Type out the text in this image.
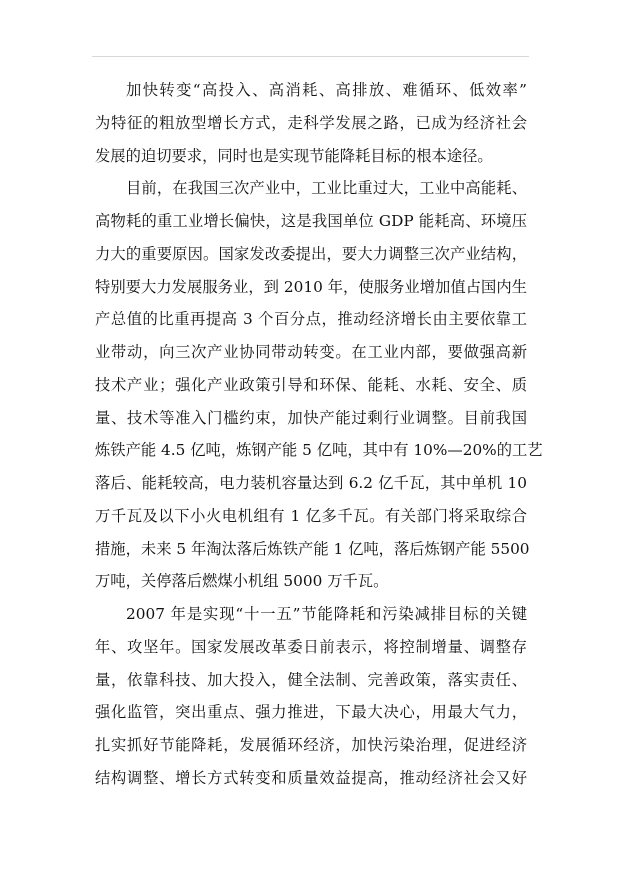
加快转变“高投入、高消耗、高排放、难循环、低效率”
为特征的粗放型增长方式，走科学发展之路，已成为经济社会
发展的迫切要求，同时也是实现节能降耗目标的根本途径。
目前，在我国三次产业中，工业比重过大，工业中高能耗、
高物耗的重工业增长偏快，这是我国单位 GDP 能耗高、环境压
力大的重要原因。国家发改委提出，要大力调整三次产业结构，
特别要大力发展服务业，到 2010 年，使服务业增加值占国内生
产总值的比重再提高 3 个百分点，推动经济增长由主要依靠工
业带动，向三次产业协同带动转变。在工业内部，要做强高新
技术产业；强化产业政策引导和环保、能耗、水耗、安全、质
量、技术等准入门槛约束，加快产能过剩行业调整。目前我国
炼铁产能 4.5 亿吨，炼钢产能 5 亿吨，其中有 10%—20%的工艺
落后、能耗较高，电力装机容量达到 6.2 亿千瓦，其中单机 10
万千瓦及以下小火电机组有 1 亿多千瓦。有关部门将采取综合
措施，未来 5 年淘汰落后炼铁产能 1 亿吨，落后炼钢产能 5500
万吨，关停落后燃煤小机组 5000 万千瓦。
2007 年是实现“十一五”节能降耗和污染减排目标的关键
年、攻坚年。国家发展改革委日前表示，将控制增量、调整存
量，依靠科技、加大投入，健全法制、完善政策，落实责任、
强化监管，突出重点、强力推进，下最大决心，用最大气力，
扎实抓好节能降耗，发展循环经济，加快污染治理，促进经济
结构调整、增长方式转变和质量效益提高，推动经济社会又好
